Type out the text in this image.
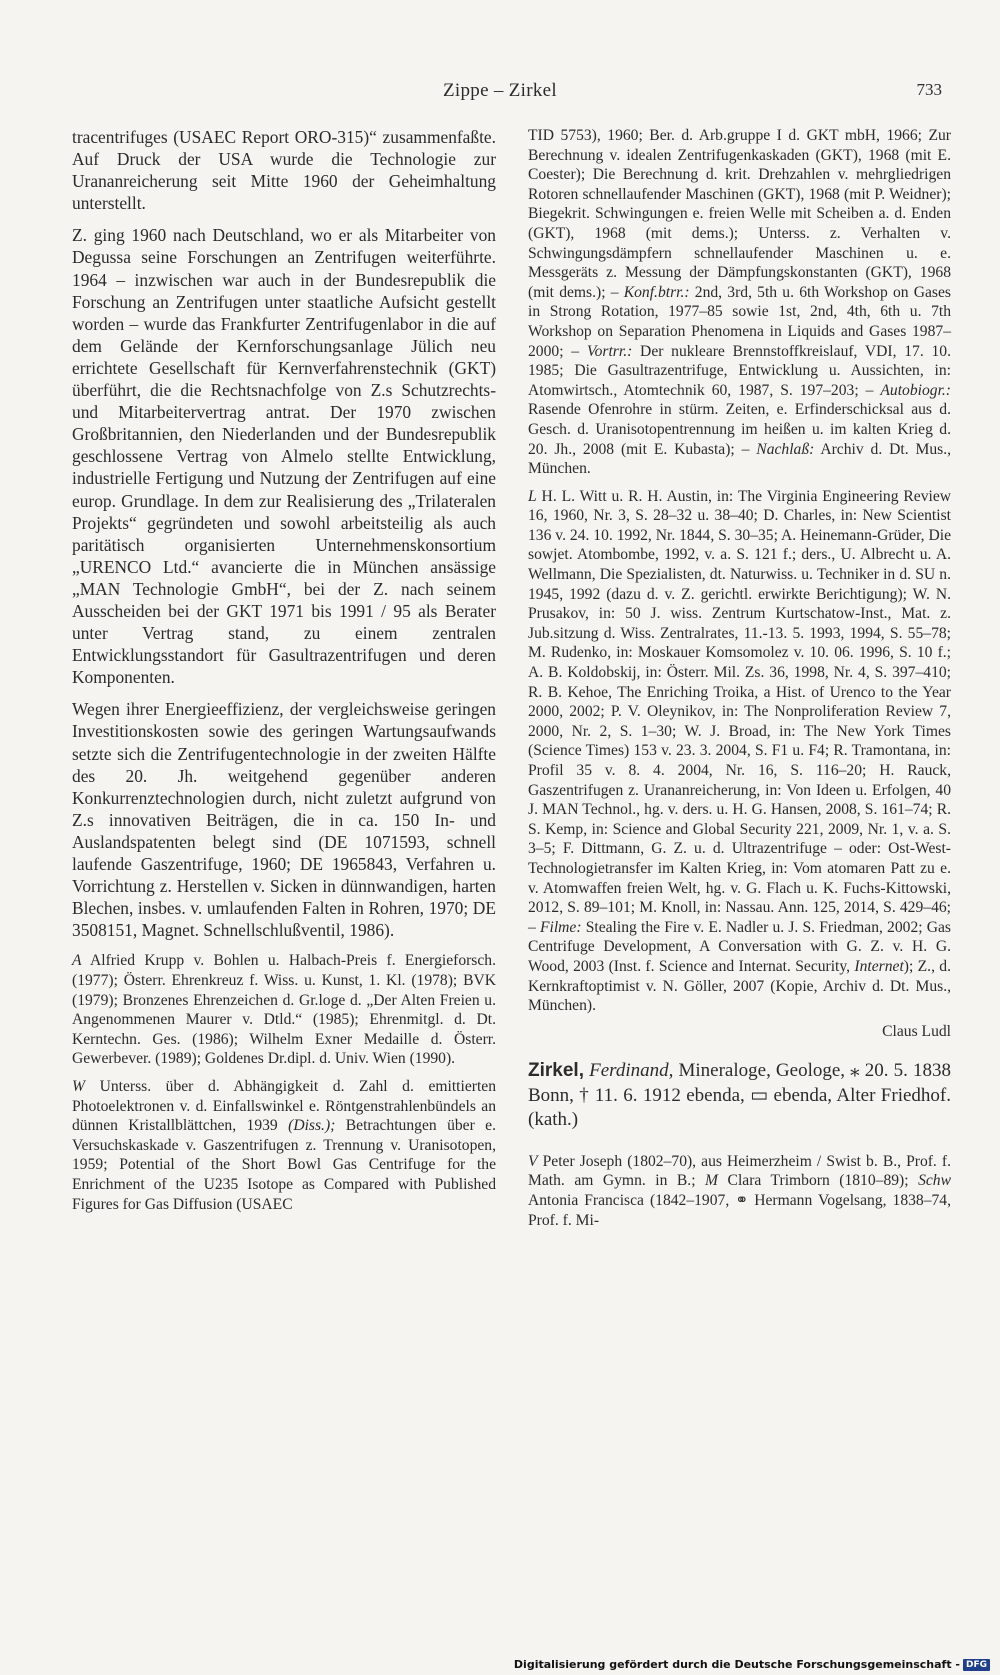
Zippe – Zirkel	733

tracentrifuges (USAEC Report ORO-315)“ zusammenfaßte. Auf Druck der USA wurde die Technologie zur Urananreicherung seit Mitte 1960 der Geheimhaltung unterstellt.

Z. ging 1960 nach Deutschland, wo er als Mitarbeiter von Degussa seine Forschungen an Zentrifugen weiterführte. 1964 – inzwischen war auch in der Bundesrepublik die Forschung an Zentrifugen unter staatliche Aufsicht gestellt worden – wurde das Frankfurter Zentrifugenlabor in die auf dem Gelände der Kernforschungsanlage Jülich neu errichtete Gesellschaft für Kernverfahrenstechnik (GKT) überführt, die die Rechtsnachfolge von Z.s Schutzrechts- und Mitarbeitervertrag antrat. Der 1970 zwischen Großbritannien, den Niederlanden und der Bundesrepublik geschlossene Vertrag von Almelo stellte Entwicklung, industrielle Fertigung und Nutzung der Zentrifugen auf eine europ. Grundlage. In dem zur Realisierung des „Trilateralen Projekts“ gegründeten und sowohl arbeitsteilig als auch paritätisch organisierten Unternehmenskonsortium „URENCO Ltd.“ avancierte die in München ansässige „MAN Technologie GmbH“, bei der Z. nach seinem Ausscheiden bei der GKT 1971 bis 1991 / 95 als Berater unter Vertrag stand, zu einem zentralen Entwicklungsstandort für Gasultrazentrifugen und deren Komponenten.

Wegen ihrer Energieeffizienz, der vergleichsweise geringen Investitionskosten sowie des geringen Wartungsaufwands setzte sich die Zentrifugentechnologie in der zweiten Hälfte des 20. Jh. weitgehend gegenüber anderen Konkurrenztechnologien durch, nicht zuletzt aufgrund von Z.s innovativen Beiträgen, die in ca. 150 In- und Auslandspatenten belegt sind (DE 1071593, schnell laufende Gaszentrifuge, 1960; DE 1965843, Verfahren u. Vorrichtung z. Herstellen v. Sicken in dünnwandigen, harten Blechen, insbes. v. umlaufenden Falten in Rohren, 1970; DE 3508151, Magnet. Schnellschlußventil, 1986).

A Alfried Krupp v. Bohlen u. Halbach-Preis f. Energieforsch. (1977); Österr. Ehrenkreuz f. Wiss. u. Kunst, 1. Kl. (1978); BVK (1979); Bronzenes Ehrenzeichen d. Gr.loge d. „Der Alten Freien u. Angenommenen Maurer v. Dtld.“ (1985); Ehrenmitgl. d. Dt. Kerntechn. Ges. (1986); Wilhelm Exner Medaille d. Österr. Gewerbever. (1989); Goldenes Dr.dipl. d. Univ. Wien (1990).

W Unterss. über d. Abhängigkeit d. Zahl d. emittierten Photoelektronen v. d. Einfallswinkel e. Röntgenstrahlenbündels an dünnen Kristallblättchen, 1939 (Diss.); Betrachtungen über e. Versuchskaskade v. Gaszentrifugen z. Trennung v. Uranisotopen, 1959; Potential of the Short Bowl Gas Centrifuge for the Enrichment of the U235 Isotope as Compared with Published Figures for Gas Diffusion (USAEC

TID 5753), 1960; Ber. d. Arb.gruppe I d. GKT mbH, 1966; Zur Berechnung v. idealen Zentrifugenkaskaden (GKT), 1968 (mit E. Coester); Die Berechnung d. krit. Drehzahlen v. mehrgliedrigen Rotoren schnellaufender Maschinen (GKT), 1968 (mit P. Weidner); Biegekrit. Schwingungen e. freien Welle mit Scheiben a. d. Enden (GKT), 1968 (mit dems.); Unterss. z. Verhalten v. Schwingungsdämpfern schnellaufender Maschinen u. e. Messgeräts z. Messung der Dämpfungskonstanten (GKT), 1968 (mit dems.); – Konf.btrr.: 2nd, 3rd, 5th u. 6th Workshop on Gases in Strong Rotation, 1977–85 sowie 1st, 2nd, 4th, 6th u. 7th Workshop on Separation Phenomena in Liquids and Gases 1987–2000; – Vortrr.: Der nukleare Brennstoffkreislauf, VDI, 17. 10. 1985; Die Gasultrazentrifuge, Entwicklung u. Aussichten, in: Atomwirtsch., Atomtechnik 60, 1987, S. 197–203; – Autobiogr.: Rasende Ofenrohre in stürm. Zeiten, e. Erfinderschicksal aus d. Gesch. d. Uranisotopentrennung im heißen u. im kalten Krieg d. 20. Jh., 2008 (mit E. Kubasta); – Nachlaß: Archiv d. Dt. Mus., München.

L H. L. Witt u. R. H. Austin, in: The Virginia Engineering Review 16, 1960, Nr. 3, S. 28–32 u. 38–40; D. Charles, in: New Scientist 136 v. 24. 10. 1992, Nr. 1844, S. 30–35; A. Heinemann-Grüder, Die sowjet. Atombombe, 1992, v. a. S. 121 f.; ders., U. Albrecht u. A. Wellmann, Die Spezialisten, dt. Naturwiss. u. Techniker in d. SU n. 1945, 1992 (dazu d. v. Z. gerichtl. erwirkte Berichtigung); W. N. Prusakov, in: 50 J. wiss. Zentrum Kurtschatow-Inst., Mat. z. Jub.sitzung d. Wiss. Zentralrates, 11.-13. 5. 1993, 1994, S. 55–78; M. Rudenko, in: Moskauer Komsomolez v. 10. 06. 1996, S. 10 f.; A. B. Koldobskij, in: Österr. Mil. Zs. 36, 1998, Nr. 4, S. 397–410; R. B. Kehoe, The Enriching Troika, a Hist. of Urenco to the Year 2000, 2002; P. V. Oleynikov, in: The Nonproliferation Review 7, 2000, Nr. 2, S. 1–30; W. J. Broad, in: The New York Times (Science Times) 153 v. 23. 3. 2004, S. F1 u. F4; R. Tramontana, in: Profil 35 v. 8. 4. 2004, Nr. 16, S. 116–20; H. Rauck, Gaszentrifugen z. Urananreicherung, in: Von Ideen u. Erfolgen, 40 J. MAN Technol., hg. v. ders. u. H. G. Hansen, 2008, S. 161–74; R. S. Kemp, in: Science and Global Security 221, 2009, Nr. 1, v. a. S. 3–5; F. Dittmann, G. Z. u. d. Ultrazentrifuge – oder: Ost-West-Technologietransfer im Kalten Krieg, in: Vom atomaren Patt zu e. v. Atomwaffen freien Welt, hg. v. G. Flach u. K. Fuchs-Kittowski, 2012, S. 89–101; M. Knoll, in: Nassau. Ann. 125, 2014, S. 429–46; – Filme: Stealing the Fire v. E. Nadler u. J. S. Friedman, 2002; Gas Centrifuge Development, A Conversation with G. Z. v. H. G. Wood, 2003 (Inst. f. Science and Internat. Security, Internet); Z., d. Kernkraftoptimist v. N. Göller, 2007 (Kopie, Archiv d. Dt. Mus., München).

Claus Ludl

Zirkel, Ferdinand, Mineraloge, Geologe, ⁎ 20. 5. 1838 Bonn, † 11. 6. 1912 ebenda, ▭ ebenda, Alter Friedhof. (kath.)

V Peter Joseph (1802–70), aus Heimerzheim / Swist b. B., Prof. f. Math. am Gymn. in B.; M Clara Trimborn (1810–89); Schw Antonia Francisca (1842–1907, ⚭ Hermann Vogelsang, 1838–74, Prof. f. Mi-

Digitalisierung gefördert durch die Deutsche Forschungsgemeinschaft - DFG
